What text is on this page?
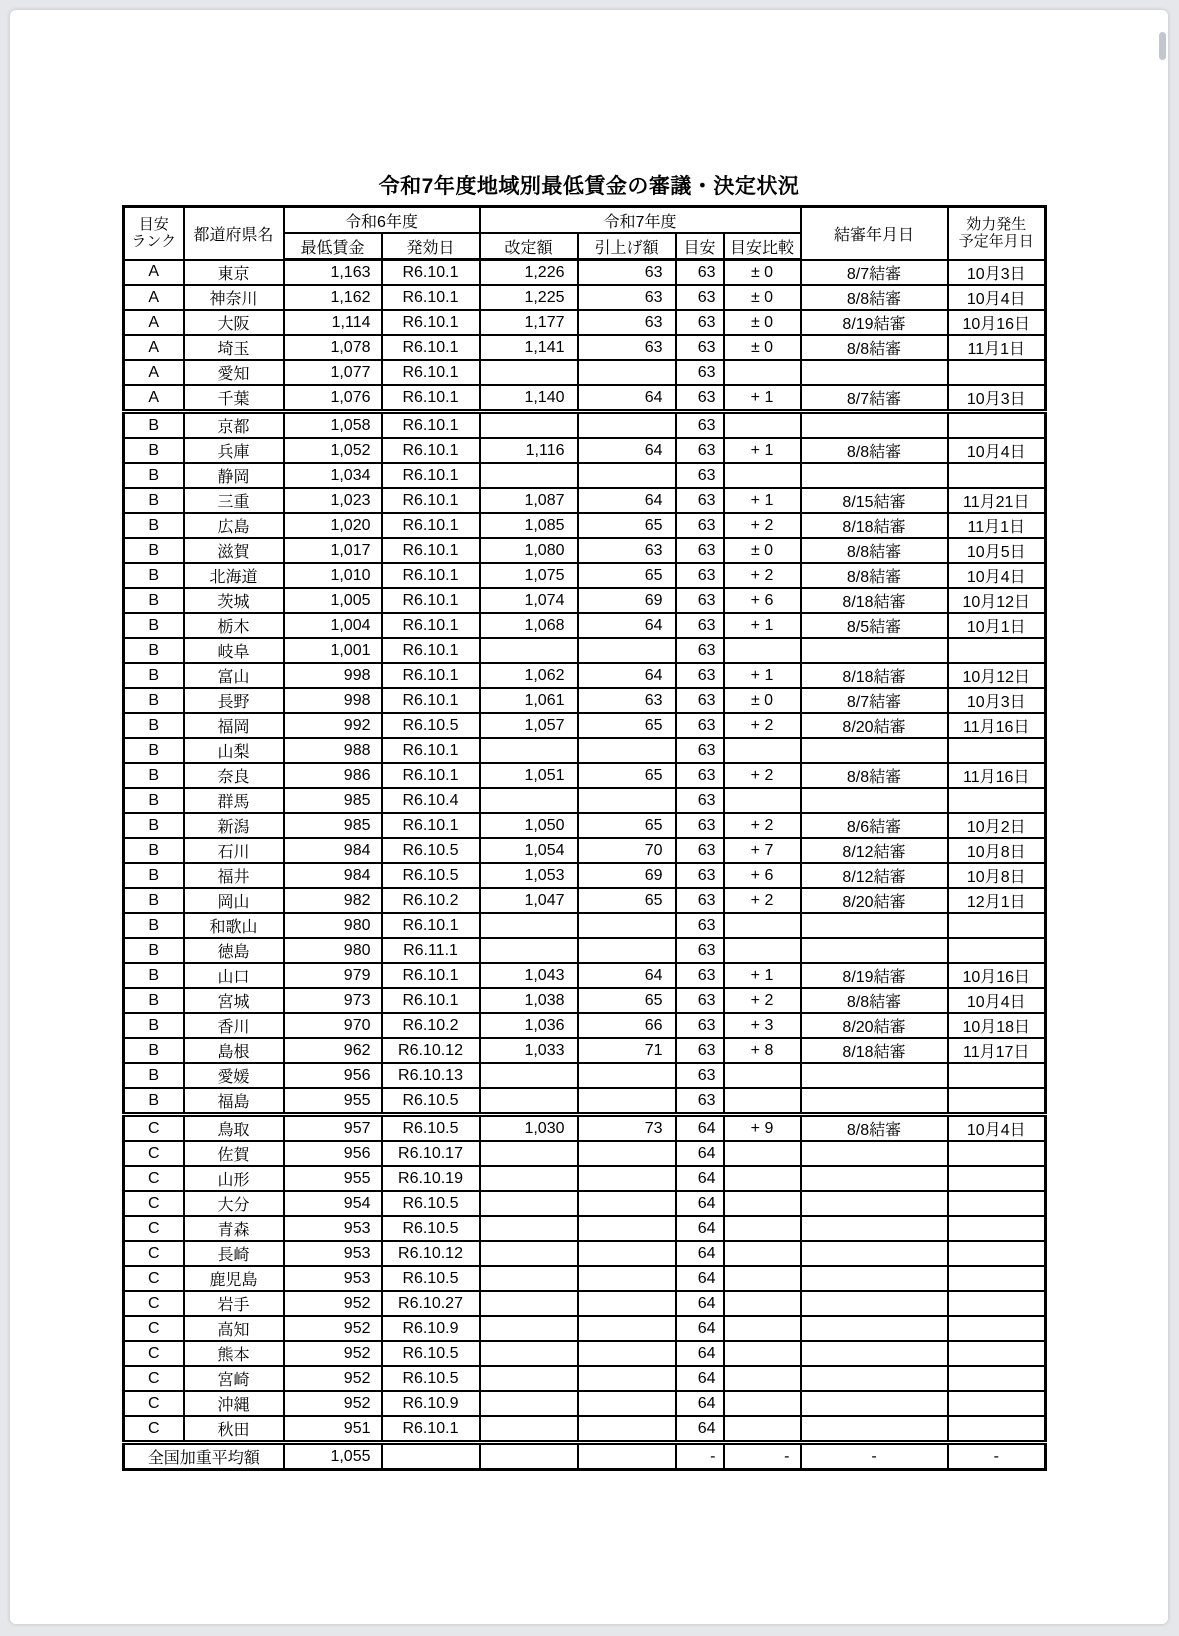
令和7年度地域別最低賃金の審議・決定状況
目安
ランク	都道府県名	令和6年度		令和7年度				結審年月日	効力発生
予定年月日
		最低賃金	発効日	改定額	引上げ額	目安	目安比較		
A	東京	1,163	R6.10.1	1,226	63	63	± 0	8/7結審	10月3日
A	神奈川	1,162	R6.10.1	1,225	63	63	± 0	8/8結審	10月4日
A	大阪	1,114	R6.10.1	1,177	63	63	± 0	8/19結審	10月16日
A	埼玉	1,078	R6.10.1	1,141	63	63	± 0	8/8結審	11月1日
A	愛知	1,077	R6.10.1			63			
A	千葉	1,076	R6.10.1	1,140	64	63	+ 1	8/7結審	10月3日
B	京都	1,058	R6.10.1			63			
B	兵庫	1,052	R6.10.1	1,116	64	63	+ 1	8/8結審	10月4日
B	静岡	1,034	R6.10.1			63			
B	三重	1,023	R6.10.1	1,087	64	63	+ 1	8/15結審	11月21日
B	広島	1,020	R6.10.1	1,085	65	63	+ 2	8/18結審	11月1日
B	滋賀	1,017	R6.10.1	1,080	63	63	± 0	8/8結審	10月5日
B	北海道	1,010	R6.10.1	1,075	65	63	+ 2	8/8結審	10月4日
B	茨城	1,005	R6.10.1	1,074	69	63	+ 6	8/18結審	10月12日
B	栃木	1,004	R6.10.1	1,068	64	63	+ 1	8/5結審	10月1日
B	岐阜	1,001	R6.10.1			63			
B	富山	998	R6.10.1	1,062	64	63	+ 1	8/18結審	10月12日
B	長野	998	R6.10.1	1,061	63	63	± 0	8/7結審	10月3日
B	福岡	992	R6.10.5	1,057	65	63	+ 2	8/20結審	11月16日
B	山梨	988	R6.10.1			63			
B	奈良	986	R6.10.1	1,051	65	63	+ 2	8/8結審	11月16日
B	群馬	985	R6.10.4			63			
B	新潟	985	R6.10.1	1,050	65	63	+ 2	8/6結審	10月2日
B	石川	984	R6.10.5	1,054	70	63	+ 7	8/12結審	10月8日
B	福井	984	R6.10.5	1,053	69	63	+ 6	8/12結審	10月8日
B	岡山	982	R6.10.2	1,047	65	63	+ 2	8/20結審	12月1日
B	和歌山	980	R6.10.1			63			
B	徳島	980	R6.11.1			63			
B	山口	979	R6.10.1	1,043	64	63	+ 1	8/19結審	10月16日
B	宮城	973	R6.10.1	1,038	65	63	+ 2	8/8結審	10月4日
B	香川	970	R6.10.2	1,036	66	63	+ 3	8/20結審	10月18日
B	島根	962	R6.10.12	1,033	71	63	+ 8	8/18結審	11月17日
B	愛媛	956	R6.10.13			63			
B	福島	955	R6.10.5			63			
C	鳥取	957	R6.10.5	1,030	73	64	+ 9	8/8結審	10月4日
C	佐賀	956	R6.10.17			64			
C	山形	955	R6.10.19			64			
C	大分	954	R6.10.5			64			
C	青森	953	R6.10.5			64			
C	長崎	953	R6.10.12			64			
C	鹿児島	953	R6.10.5			64			
C	岩手	952	R6.10.27			64			
C	高知	952	R6.10.9			64			
C	熊本	952	R6.10.5			64			
C	宮崎	952	R6.10.5			64			
C	沖縄	952	R6.10.9			64			
C	秋田	951	R6.10.1			64			
全国加重平均額		1,055				-	-	-	-
